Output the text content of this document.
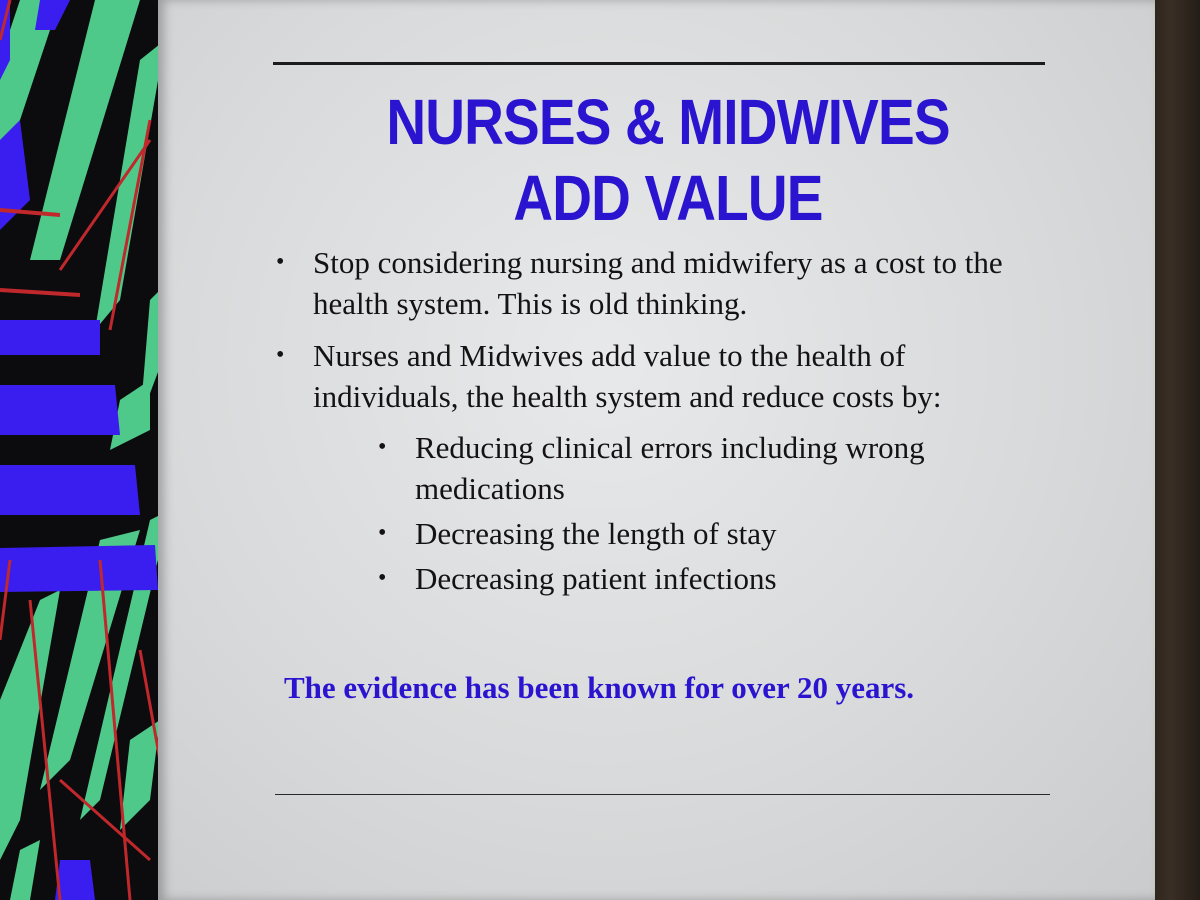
NURSES & MIDWIVES
ADD VALUE
• Stop considering nursing and midwifery as a cost to the health system. This is old thinking.
• Nurses and Midwives add value to the health of individuals, the health system and reduce costs by:
• Reducing clinical errors including wrong medications
• Decreasing the length of stay
• Decreasing patient infections
The evidence has been known for over 20 years.
